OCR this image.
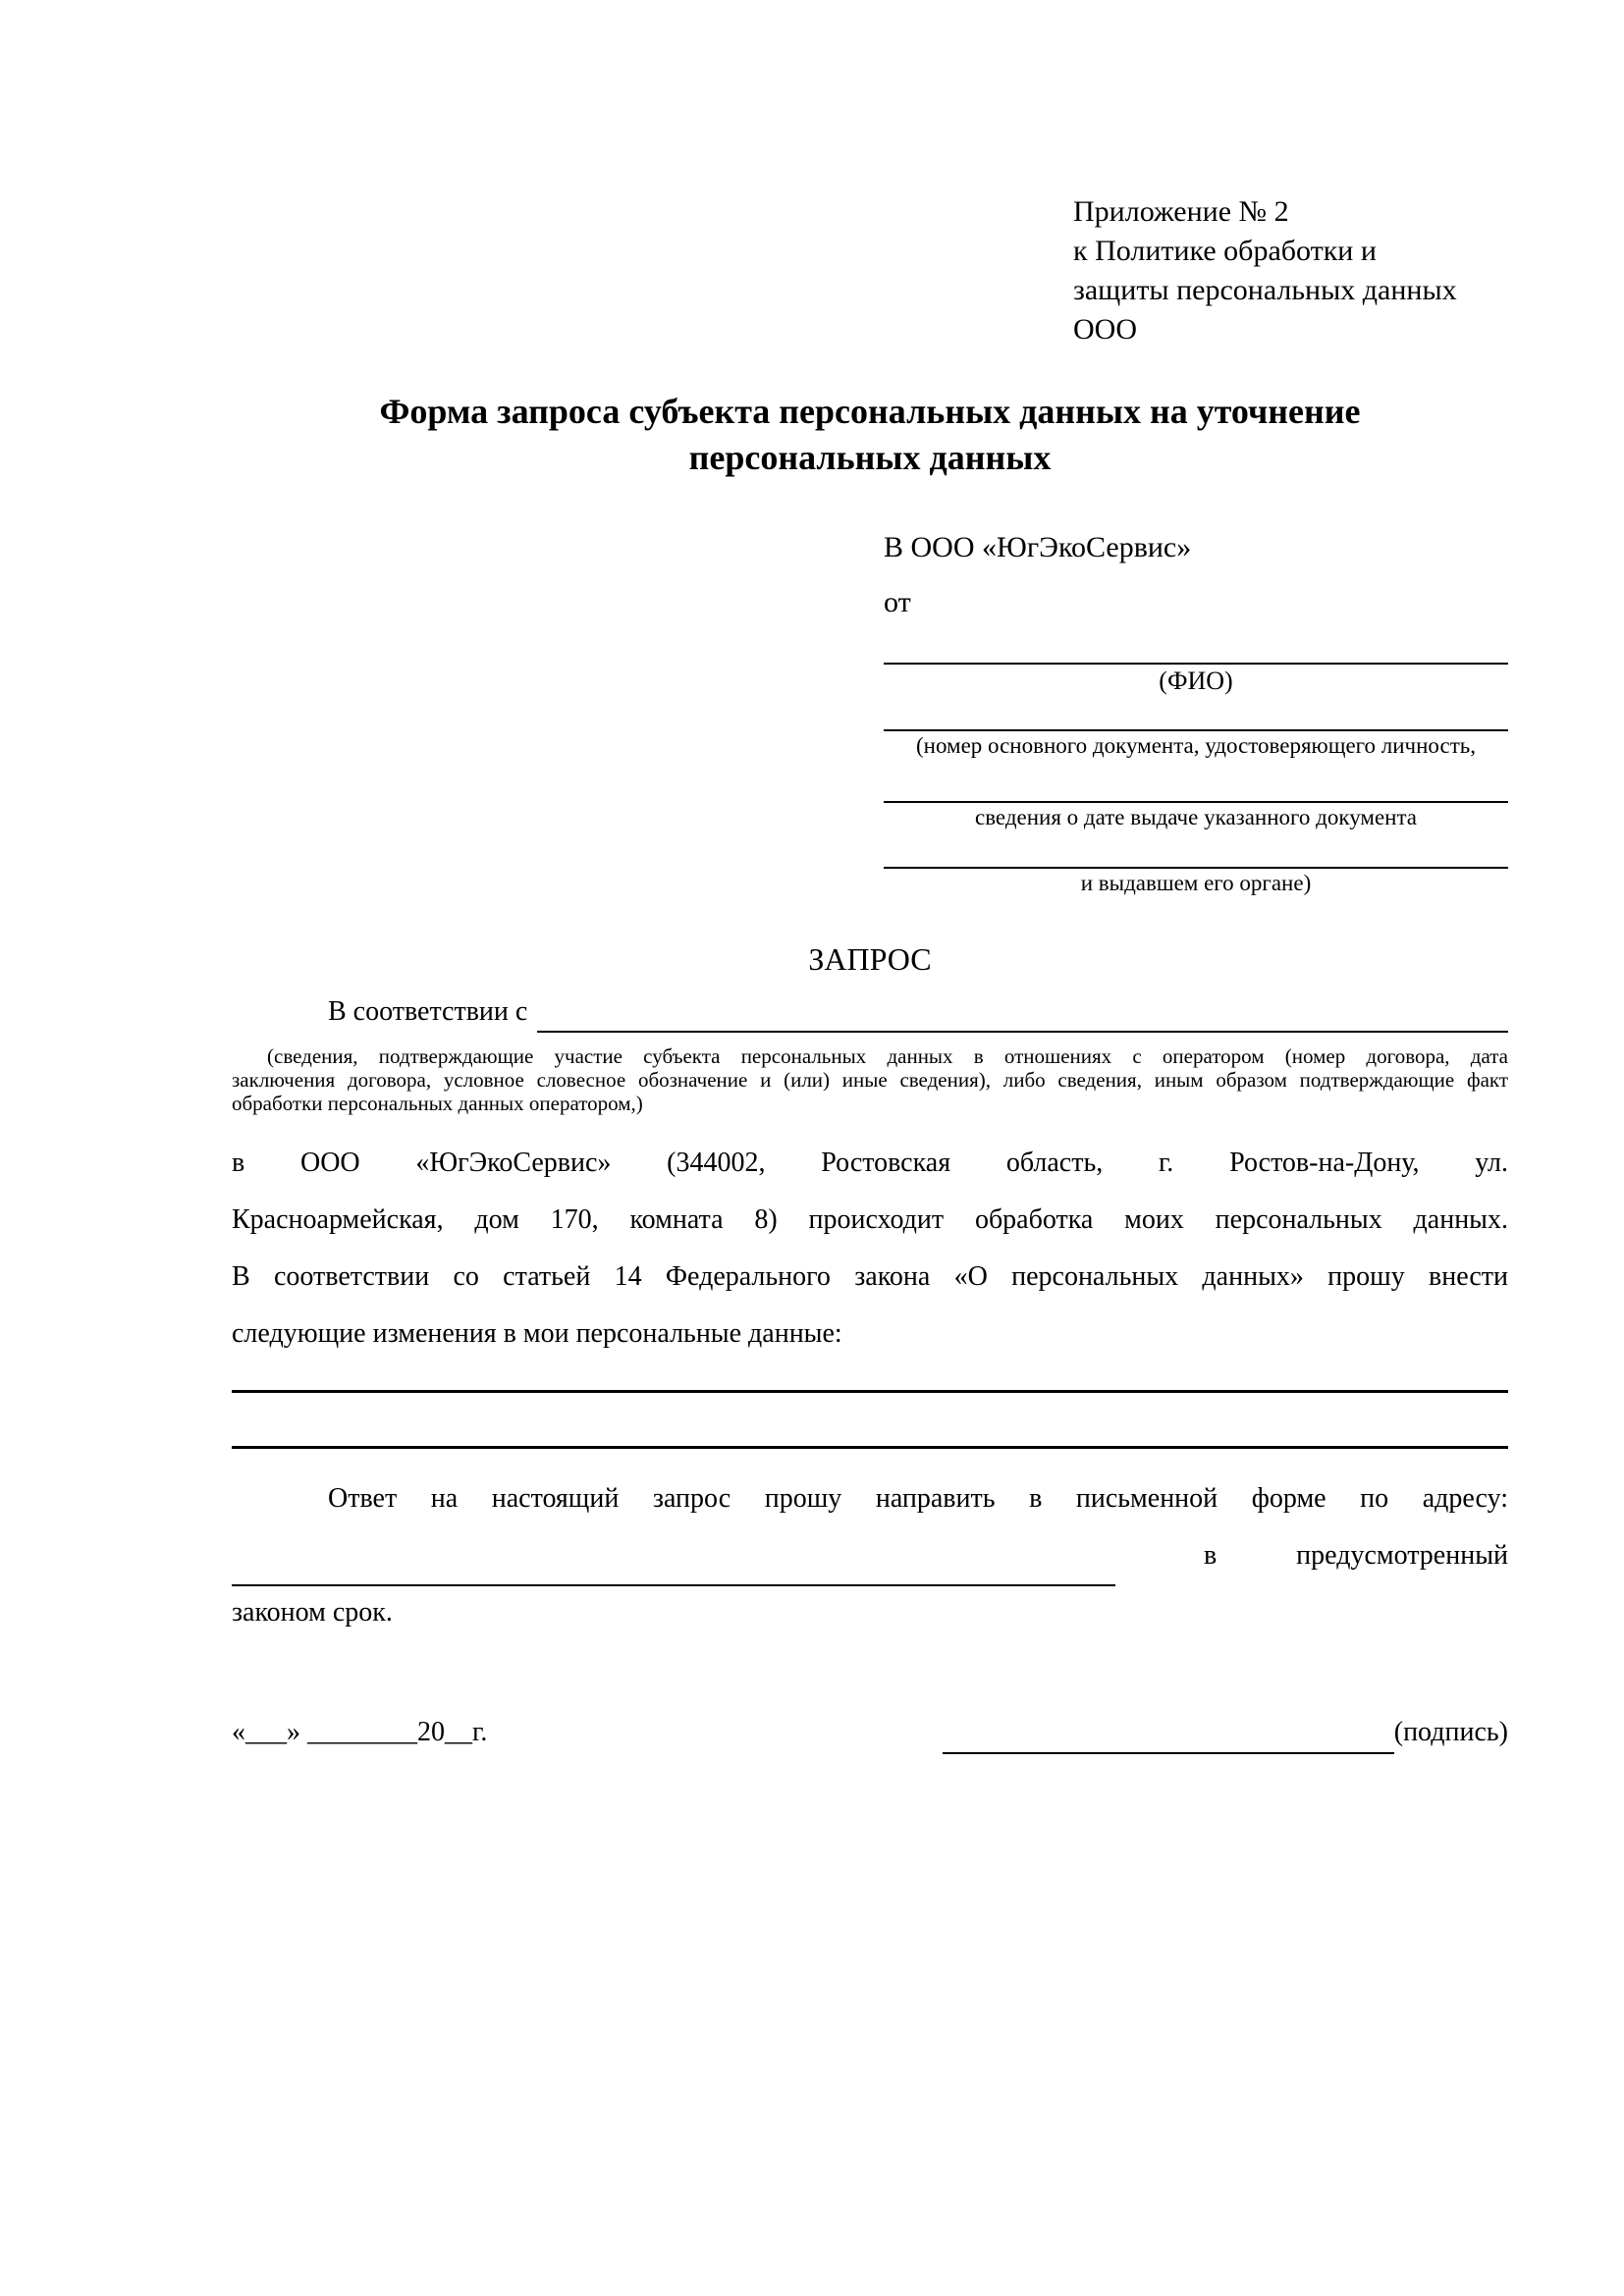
Приложение № 2
к Политике обработки и
защиты персональных данных
ООО
Форма запроса субъекта персональных данных на уточнение
персональных данных
В ООО «ЮгЭкоСервис»
от
(ФИО)
(номер основного документа, удостоверяющего личность,
сведения о дате выдаче указанного документа
и выдавшем его органе)
ЗАПРОС
В соответствии с

(сведения, подтверждающие участие субъекта персональных данных в отношениях с оператором (номер договора, дата
заключения договора, условное словесное обозначение и (или) иные сведения), либо сведения, иным образом подтверждающие факт
обработки персональных данных оператором,)
в ООО «ЮгЭкоСервис» (344002, Ростовская область, г. Ростов-на-Дону, ул.
Красноармейская, дом 170, комната 8) происходит обработка моих персональных данных.
В соответствии со статьей 14 Федерального закона «О персональных данных» прошу внести
следующие изменения в мои персональные данные:
Ответ на настоящий запрос прошу направить в письменной форме по адресу:

в	предусмотренный
законом срок.
«___» ________20__г.
	(подпись)
